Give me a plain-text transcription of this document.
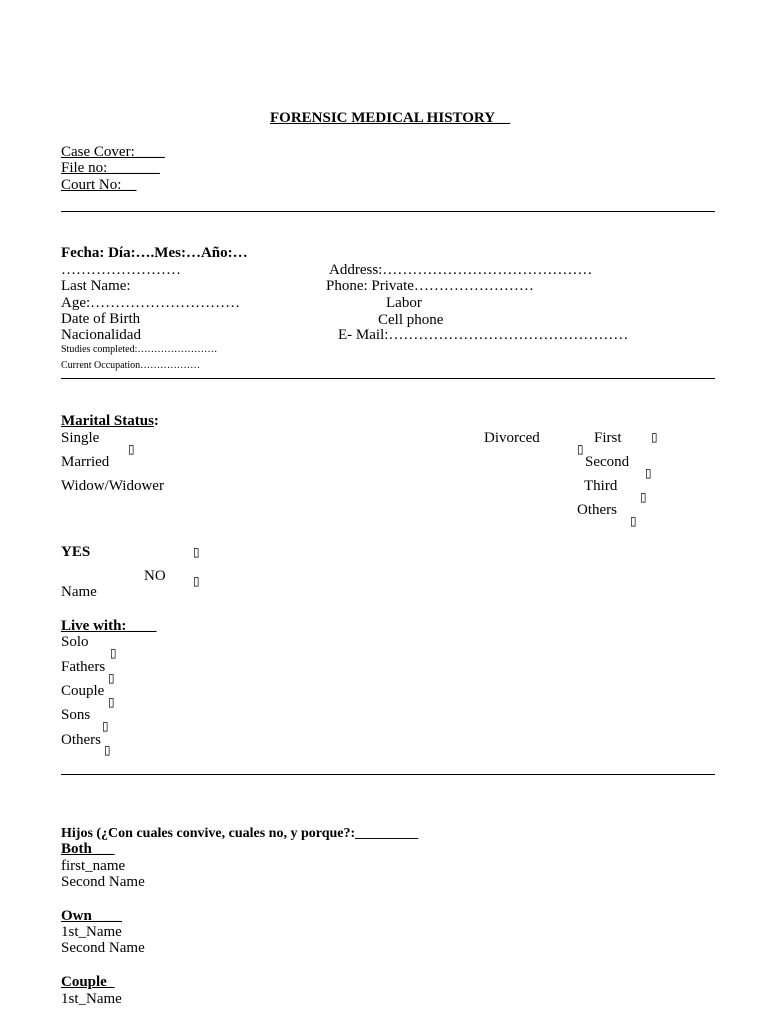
FORENSIC MEDICAL HISTORY__
Case Cover:____
File no:_______
Court No:__
Fecha: Día:….Mes:…Año:…
……………………
Last Name:
Age:…………………………
Date of Birth
Nacionalidad
Studies completed:……………………
Current Occupation………………
Address:……………………………………
Phone: Private……………………
Labor
Cell phone
E- Mail:…………………………………………
Marital Status:
Single
▯
Married
Widow/Widower
Divorced
▯
First ▯
Second
▯
Third
▯
Others
▯
YES	▯
NO ▯
Name
Live with:____
Solo
▯
Fathers
▯
Couple
▯
Sons
▯
Others
▯
Hijos (¿Con cuales convive, cuales no, y porque?:_________
Both___
first_name
Second Name
Own____
1st_Name
Second Name
Couple_
1st_Name
